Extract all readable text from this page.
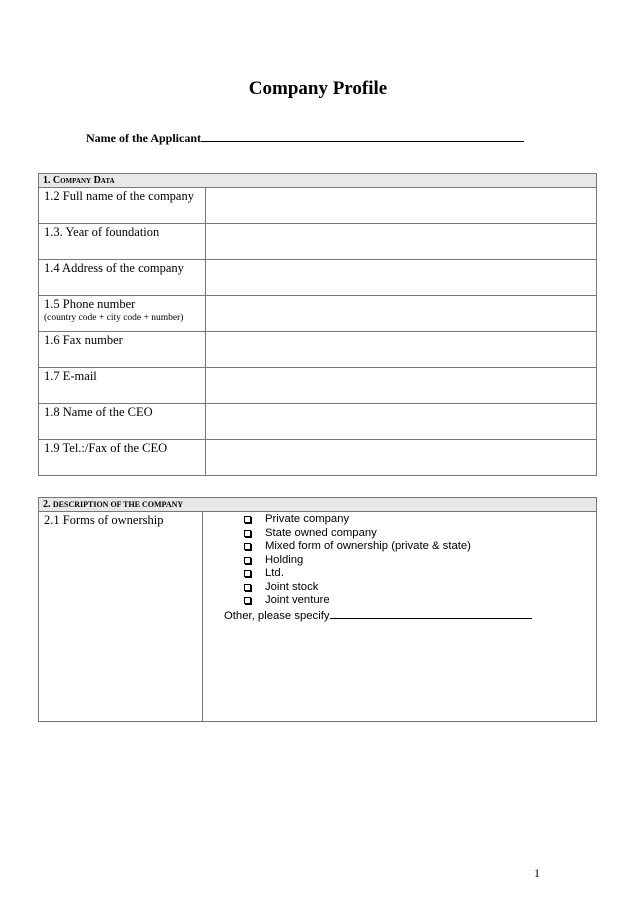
Company Profile
Name of the Applicant
1. Company Data	
1.2 Full name of the company	
1.3. Year of foundation	
1.4 Address of the company	
1.5 Phone number
(country code + city code + number)	

1.6 Fax number	
1.7 E-mail	
1.8 Name of the CEO	
1.9 Tel.:/Fax of the CEO	
2. DESCRIPTION OF THE COMPANY
2.1 Forms of ownership	Private company
State owned company
Mixed form of ownership (private & state)
Holding
Ltd.
Joint stock
Joint venture
Other, please specify
1
